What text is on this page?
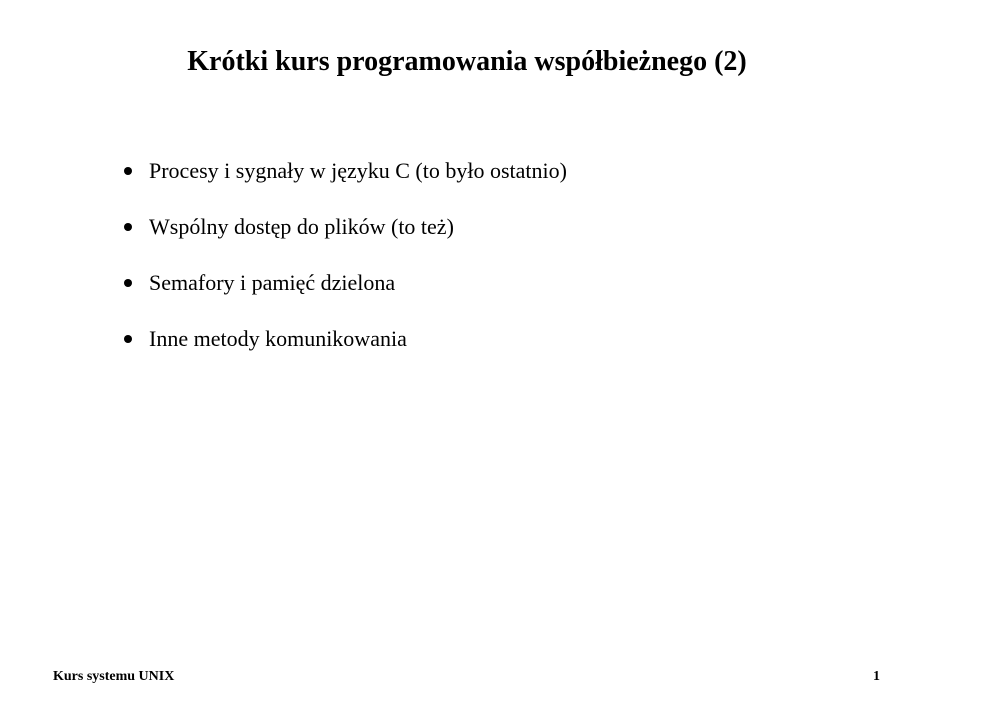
Krótki kurs programowania współbieżnego (2)
Procesy i sygnały w języku C (to było ostatnio)
Wspólny dostęp do plików (to też)
Semafory i pamięć dzielona
Inne metody komunikowania
Kurs systemu UNIX	1
